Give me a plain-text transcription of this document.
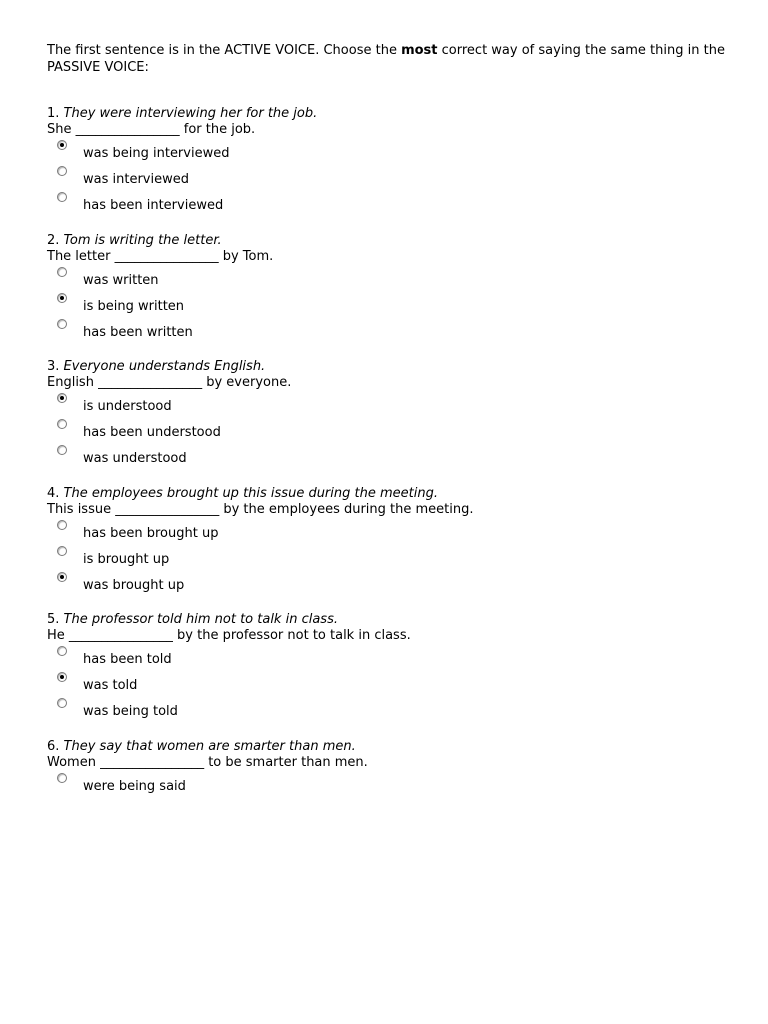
The first sentence is in the ACTIVE VOICE. Choose the most correct way of saying the same thing in the PASSIVE VOICE:

1. They were interviewing her for the job.
She ________________ for the job.
was being interviewed
was interviewed
has been interviewed
2. Tom is writing the letter.
The letter ________________ by Tom.
was written
is being written
has been written
3. Everyone understands English.
English ________________ by everyone.
is understood
has been understood
was understood
4. The employees brought up this issue during the meeting.
This issue ________________ by the employees during the meeting.
has been brought up
is brought up
was brought up
5. The professor told him not to talk in class.
He ________________ by the professor not to talk in class.
has been told
was told
was being told
6. They say that women are smarter than men.
Women ________________ to be smarter than men.
were being said
